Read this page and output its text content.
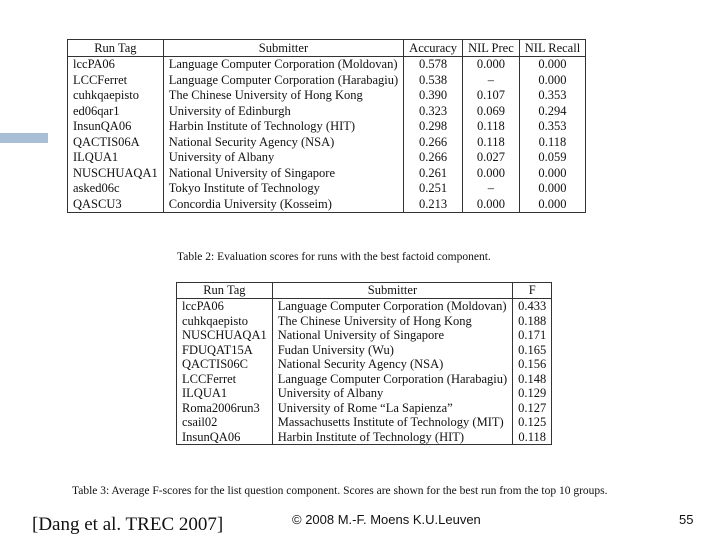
Run Tag	Submitter	Accuracy	NIL Prec	NIL Recall
lccPA06	Language Computer Corporation (Moldovan)	0.578	0.000	0.000
LCCFerret	Language Computer Corporation (Harabagiu)	0.538	–	0.000
cuhkqaepisto	The Chinese University of Hong Kong	0.390	0.107	0.353
ed06qar1	University of Edinburgh	0.323	0.069	0.294
InsunQA06	Harbin Institute of Technology (HIT)	0.298	0.118	0.353
QACTIS06A	National Security Agency (NSA)	0.266	0.118	0.118
ILQUA1	University of Albany	0.266	0.027	0.059
NUSCHUAQA1	National University of Singapore	0.261	0.000	0.000
asked06c	Tokyo Institute of Technology	0.251	–	0.000
QASCU3	Concordia University (Kosseim)	0.213	0.000	0.000
Table 2: Evaluation scores for runs with the best factoid component.
Run Tag	Submitter	F
lccPA06	Language Computer Corporation (Moldovan)	0.433
cuhkqaepisto	The Chinese University of Hong Kong	0.188
NUSCHUAQA1	National University of Singapore	0.171
FDUQAT15A	Fudan University (Wu)	0.165
QACTIS06C	National Security Agency (NSA)	0.156
LCCFerret	Language Computer Corporation (Harabagiu)	0.148
ILQUA1	University of Albany	0.129
Roma2006run3	University of Rome “La Sapienza”	0.127
csail02	Massachusetts Institute of Technology (MIT)	0.125
InsunQA06	Harbin Institute of Technology (HIT)	0.118
Table 3: Average F-scores for the list question component. Scores are shown for the best run from the top 10 groups.
[Dang et al. TREC 2007]	© 2008 M.-F. Moens K.U.Leuven	55
